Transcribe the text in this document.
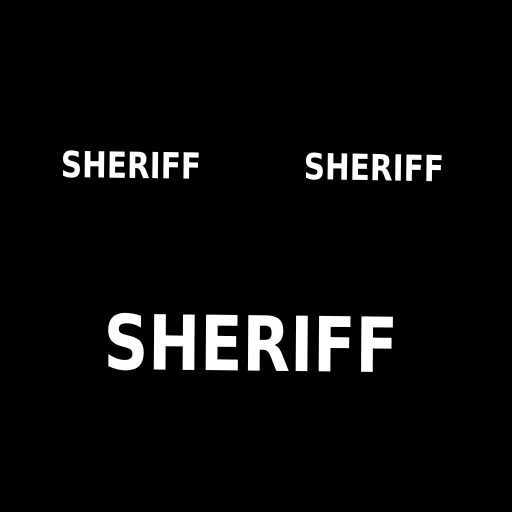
SHERIFF	SHERIFF
SHERIFF
